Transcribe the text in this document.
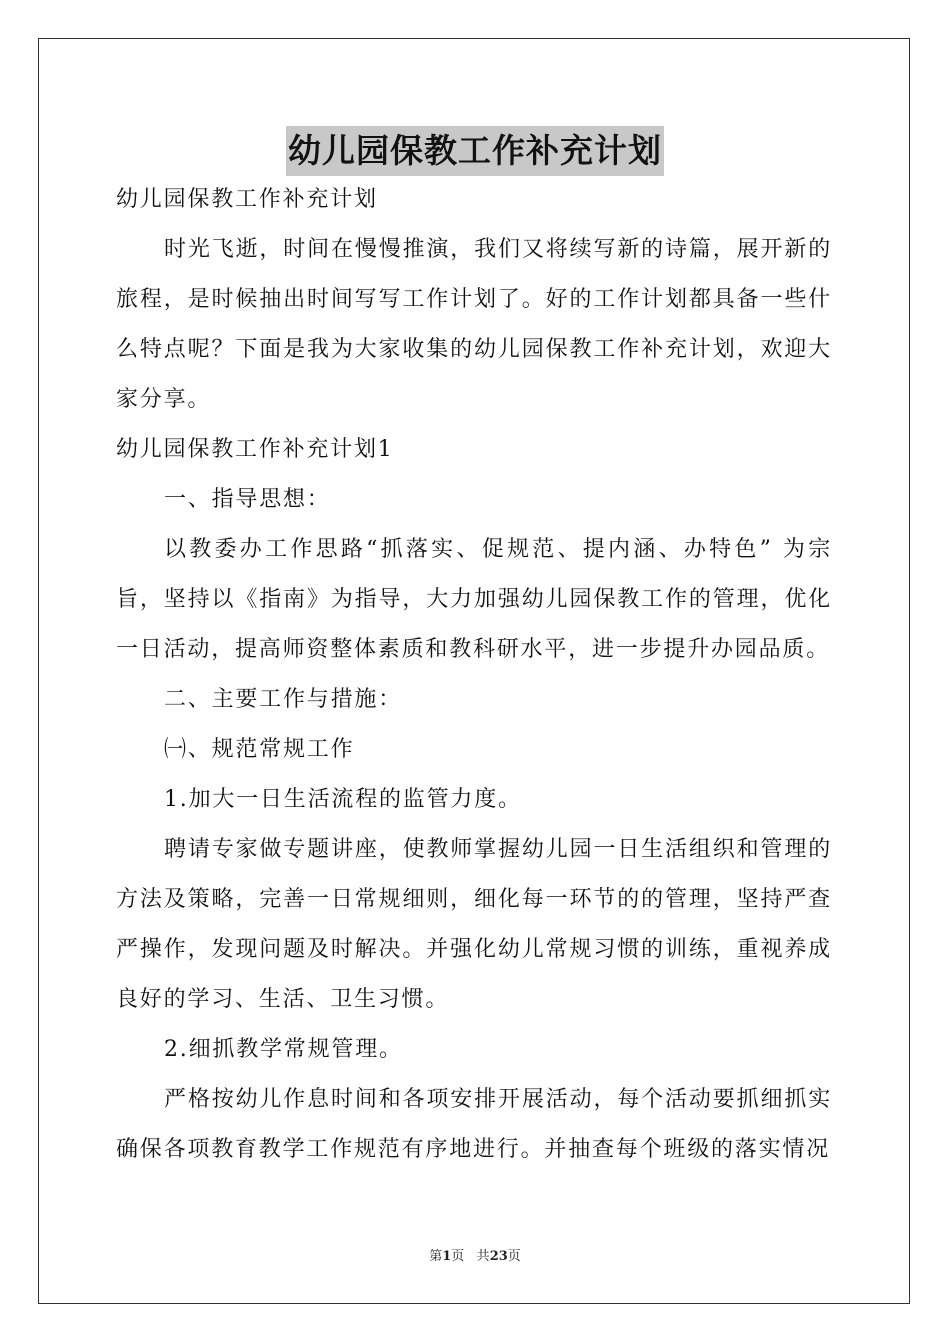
幼儿园保教工作补充计划

幼儿园保教工作补充计划

时光飞逝，时间在慢慢推演，我们又将续写新的诗篇，展开新的旅程，是时候抽出时间写写工作计划了。好的工作计划都具备一些什么特点呢？下面是我为大家收集的幼儿园保教工作补充计划，欢迎大家分享。

幼儿园保教工作补充计划1

一、指导思想：

以教委办工作思路“抓落实、促规范、提内涵、办特色” 为宗旨，坚持以《指南》为指导，大力加强幼儿园保教工作的管理，优化一日活动，提高师资整体素质和教科研水平，进一步提升办园品质。

二、主要工作与措施：

㈠、规范常规工作

1.加大一日生活流程的监管力度。

聘请专家做专题讲座，使教师掌握幼儿园一日生活组织和管理的方法及策略，完善一日常规细则，细化每一环节的的管理，坚持严查严操作，发现问题及时解决。并强化幼儿常规习惯的训练，重视养成良好的学习、生活、卫生习惯。

2.细抓教学常规管理。

严格按幼儿作息时间和各项安排开展活动，每个活动要抓细抓实确保各项教育教学工作规范有序地进行。并抽查每个班级的落实情况

第1页 共23页
